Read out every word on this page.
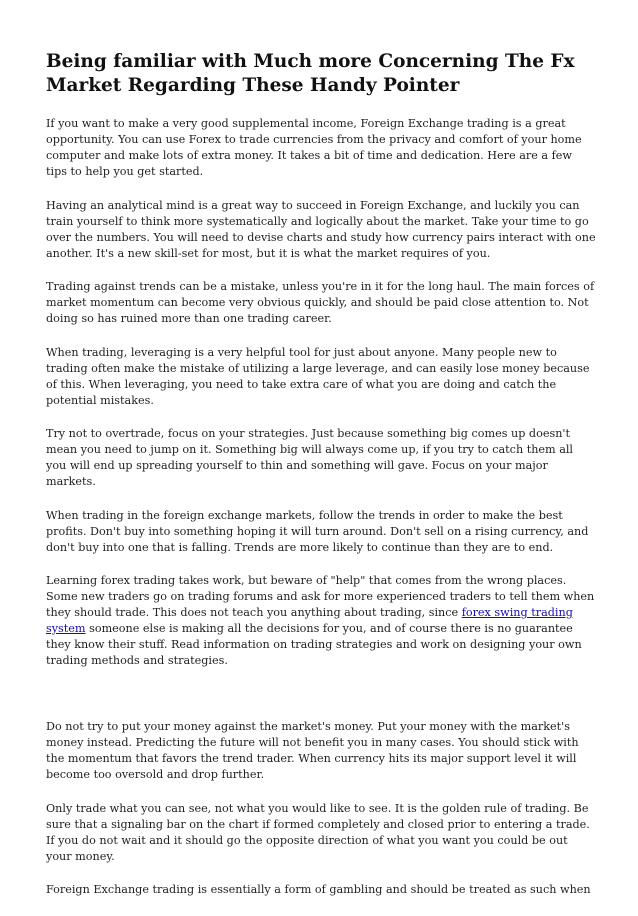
Being familiar with Much more Concerning The Fx Market Regarding These Handy Pointer

If you want to make a very good supplemental income, Foreign Exchange trading is a great opportunity. You can use Forex to trade currencies from the privacy and comfort of your home computer and make lots of extra money. It takes a bit of time and dedication. Here are a few tips to help you get started.

Having an analytical mind is a great way to succeed in Foreign Exchange, and luckily you can train yourself to think more systematically and logically about the market. Take your time to go over the numbers. You will need to devise charts and study how currency pairs interact with one another. It's a new skill-set for most, but it is what the market requires of you.

Trading against trends can be a mistake, unless you're in it for the long haul. The main forces of market momentum can become very obvious quickly, and should be paid close attention to. Not doing so has ruined more than one trading career.

When trading, leveraging is a very helpful tool for just about anyone. Many people new to trading often make the mistake of utilizing a large leverage, and can easily lose money because of this. When leveraging, you need to take extra care of what you are doing and catch the potential mistakes.

Try not to overtrade, focus on your strategies. Just because something big comes up doesn't mean you need to jump on it. Something big will always come up, if you try to catch them all you will end up spreading yourself to thin and something will gave. Focus on your major markets.

When trading in the foreign exchange markets, follow the trends in order to make the best profits. Don't buy into something hoping it will turn around. Don't sell on a rising currency, and don't buy into one that is falling. Trends are more likely to continue than they are to end.

Learning forex trading takes work, but beware of "help" that comes from the wrong places. Some new traders go on trading forums and ask for more experienced traders to tell them when they should trade. This does not teach you anything about trading, since forex swing trading system someone else is making all the decisions for you, and of course there is no guarantee they know their stuff. Read information on trading strategies and work on designing your own trading methods and strategies.

Do not try to put your money against the market's money. Put your money with the market's money instead. Predicting the future will not benefit you in many cases. You should stick with the momentum that favors the trend trader. When currency hits its major support level it will become too oversold and drop further.

Only trade what you can see, not what you would like to see. It is the golden rule of trading. Be sure that a signaling bar on the chart if formed completely and closed prior to entering a trade. If you do not wait and it should go the opposite direction of what you want you could be out your money.

Foreign Exchange trading is essentially a form of gambling and should be treated as such when
